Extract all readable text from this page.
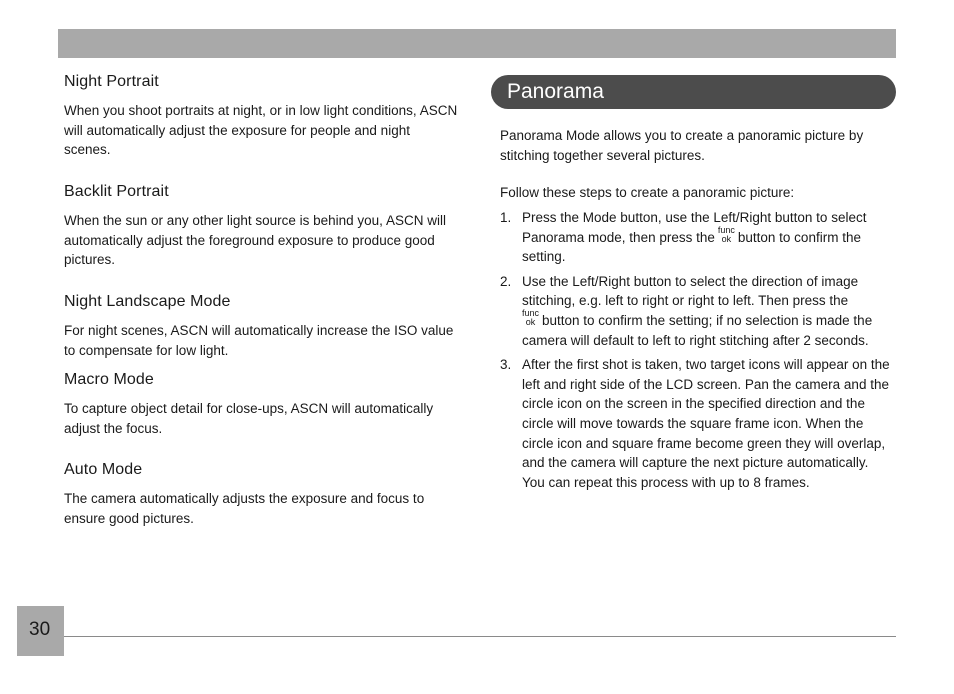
Night Portrait

When you shoot portraits at night, or in low light conditions, ASCN will automatically adjust the exposure for people and night scenes.

Backlit Portrait

When the sun or any other light source is behind you, ASCN will automatically adjust the foreground exposure to produce good pictures.

Night Landscape Mode

For night scenes, ASCN will automatically increase the ISO value to compensate for low light.

Macro Mode

To capture object detail for close-ups, ASCN will automatically adjust the focus.

Auto Mode

The camera automatically adjusts the exposure and focus to ensure good pictures.

Panorama

Panorama Mode allows you to create a panoramic picture by stitching together several pictures.

Follow these steps to create a panoramic picture:

1. Press the Mode button, use the Left/Right button to select Panorama mode, then press the func
ok button to confirm the setting.

2. Use the Left/Right button to select the direction of image stitching, e.g. left to right or right to left. Then press the

func
ok button to confirm the setting; if no selection is made the camera will default to left to right stitching after 2 seconds.

3. After the first shot is taken, two target icons will appear on the left and right side of the LCD screen. Pan the camera and the circle icon on the screen in the specified direction and the circle will move towards the square frame icon. When the circle icon and square frame become green they will overlap, and the camera will capture the next picture automatically. You can repeat this process with up to 8 frames.

30
